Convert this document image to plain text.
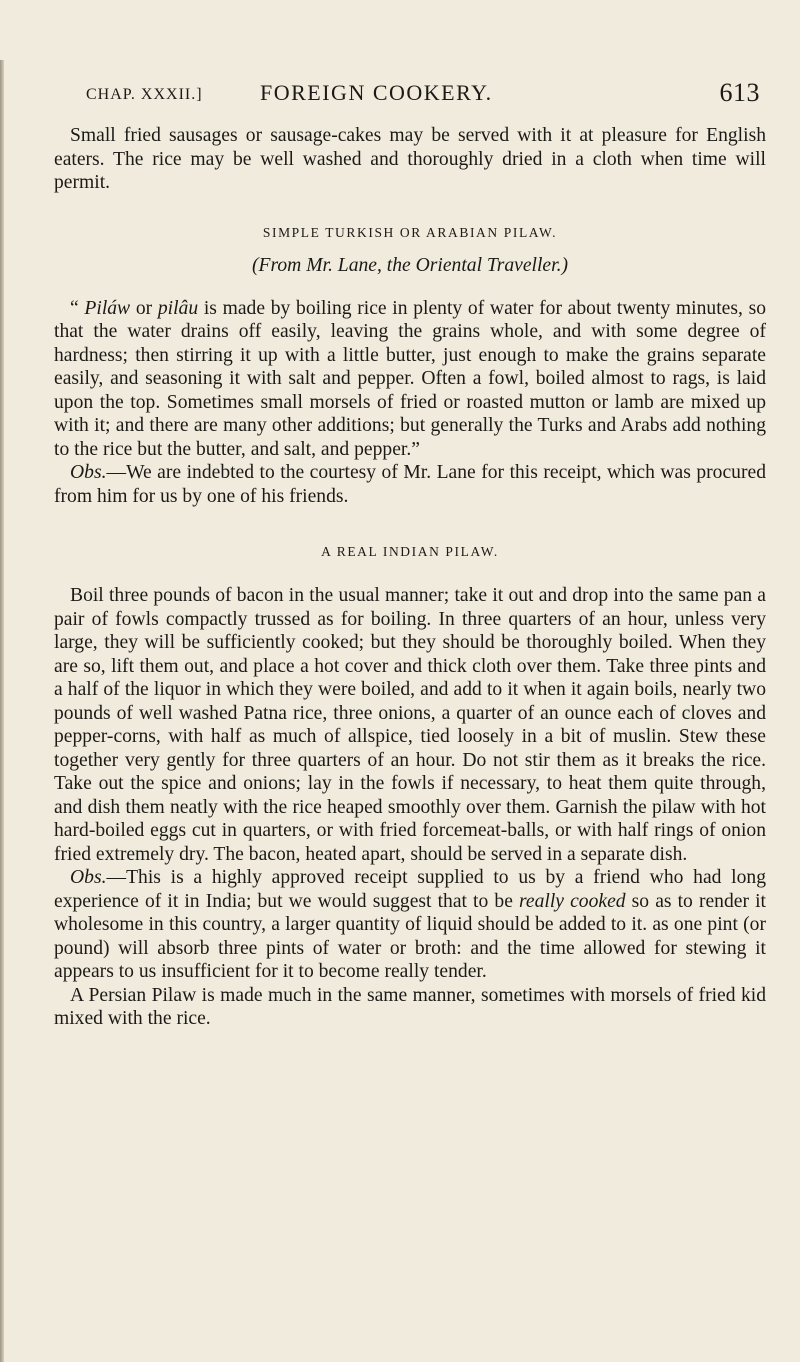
CHAP. XXXII.]	FOREIGN COOKERY.	613

Small fried sausages or sausage-cakes may be served with it at pleasure for English eaters. The rice may be well washed and thoroughly dried in a cloth when time will permit.

SIMPLE TURKISH OR ARABIAN PILAW.
(From Mr. Lane, the Oriental Traveller.)

“ Piláw or pilâu is made by boiling rice in plenty of water for about twenty minutes, so that the water drains off easily, leaving the grains whole, and with some degree of hardness; then stirring it up with a little butter, just enough to make the grains separate easily, and seasoning it with salt and pepper. Often a fowl, boiled almost to rags, is laid upon the top. Sometimes small morsels of fried or roasted mutton or lamb are mixed up with it; and there are many other additions; but generally the Turks and Arabs add nothing to the rice but the butter, and salt, and pepper.”

Obs.—We are indebted to the courtesy of Mr. Lane for this receipt, which was procured from him for us by one of his friends.

A REAL INDIAN PILAW.

Boil three pounds of bacon in the usual manner; take it out and drop into the same pan a pair of fowls compactly trussed as for boiling. In three quarters of an hour, unless very large, they will be sufficiently cooked; but they should be thoroughly boiled. When they are so, lift them out, and place a hot cover and thick cloth over them. Take three pints and a half of the liquor in which they were boiled, and add to it when it again boils, nearly two pounds of well washed Patna rice, three onions, a quarter of an ounce each of cloves and pepper-corns, with half as much of allspice, tied loosely in a bit of muslin. Stew these together very gently for three quarters of an hour. Do not stir them as it breaks the rice. Take out the spice and onions; lay in the fowls if necessary, to heat them quite through, and dish them neatly with the rice heaped smoothly over them. Garnish the pilaw with hot hard-boiled eggs cut in quarters, or with fried forcemeat-balls, or with half rings of onion fried extremely dry. The bacon, heated apart, should be served in a separate dish.

Obs.—This is a highly approved receipt supplied to us by a friend who had long experience of it in India; but we would suggest that to be really cooked so as to render it wholesome in this country, a larger quantity of liquid should be added to it. as one pint (or pound) will absorb three pints of water or broth: and the time allowed for stewing it appears to us insufficient for it to become really tender.

A Persian Pilaw is made much in the same manner, sometimes with morsels of fried kid mixed with the rice.
